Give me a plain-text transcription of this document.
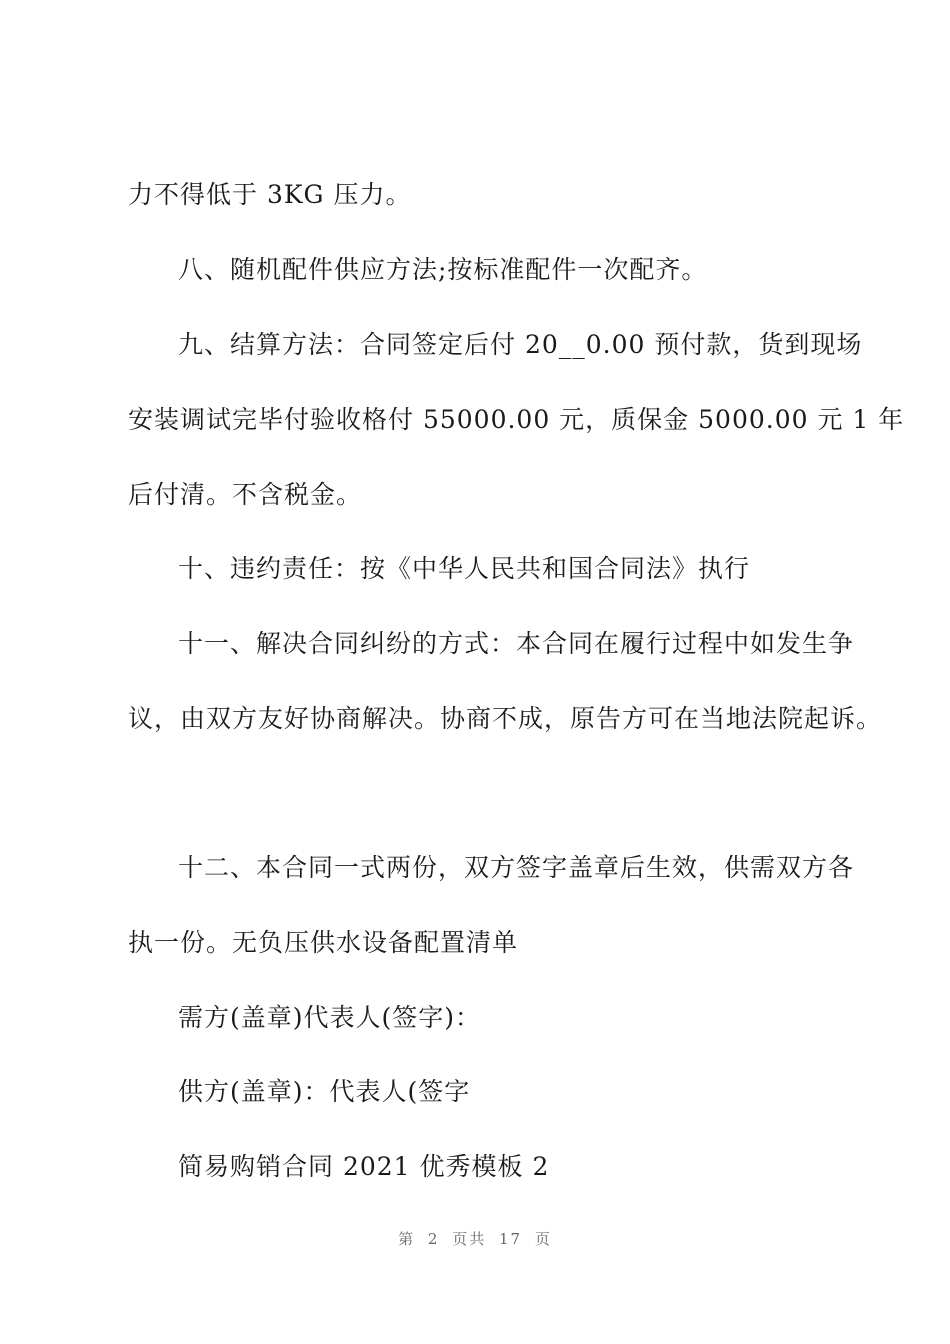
力不得低于 3KG 压力。
八、随机配件供应方法;按标准配件一次配齐。
九、结算方法：合同签定后付 20__0.00 预付款，货到现场
安装调试完毕付验收格付 55000.00 元，质保金 5000.00 元 1 年
后付清。不含税金。
十、违约责任：按《中华人民共和国合同法》执行
十一、解决合同纠纷的方式：本合同在履行过程中如发生争
议，由双方友好协商解决。协商不成，原告方可在当地法院起诉。
十二、本合同一式两份，双方签字盖章后生效，供需双方各
执一份。无负压供水设备配置清单
需方(盖章)代表人(签字)：
供方(盖章)：代表人(签字
简易购销合同 2021 优秀模板 2
第 2 页共 17 页
